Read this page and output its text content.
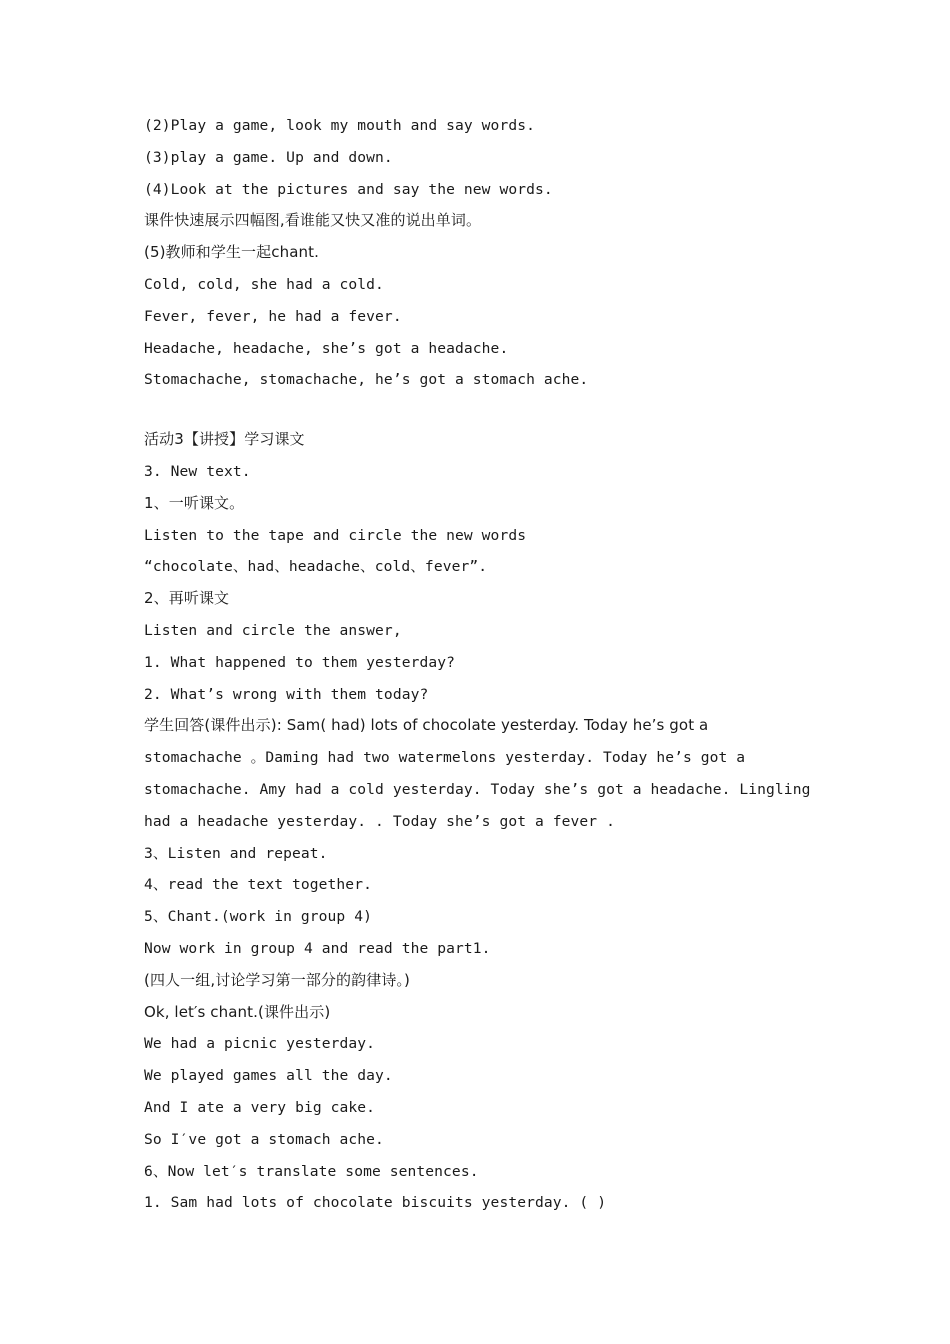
(2)Play a game, look my mouth and say words.
(3)play a game. Up and down.
(4)Look at the pictures and say the new words.
课件快速展示四幅图,看谁能又快又准的说出单词。
(5)教师和学生一起chant.
Cold, cold, she had a cold.
Fever, fever, he had a fever.
Headache, headache, she’s got a headache.
Stomachache, stomachache, he’s got a stomach ache.
活动3【讲授】学习课文
3. New text.
1、一听课文。
Listen to the tape and circle the new words
“chocolate、had、headache、cold、fever”.
2、再听课文
Listen and circle the answer,
1. What happened to them yesterday?
2. What’s wrong with them today?
学生回答(课件出示): Sam( had) lots of chocolate yesterday. Today he’s got a
stomachache 。Daming had two watermelons yesterday. Today he’s got a
stomachache. Amy had a cold yesterday. Today she’s got a headache. Lingling
had a headache yesterday. . Today she’s got a fever .
3、Listen and repeat.
4、read the text together.
5、Chant.(work in group 4)
Now work in group 4 and read the part1.
(四人一组,讨论学习第一部分的韵律诗。)
Ok, let′s chant.(课件出示)
We had a picnic yesterday.
We played games all the day.
And I ate a very big cake.
So I′ve got a stomach ache.
6、Now let′s translate some sentences.
1. Sam had lots of chocolate biscuits yesterday. ( )
